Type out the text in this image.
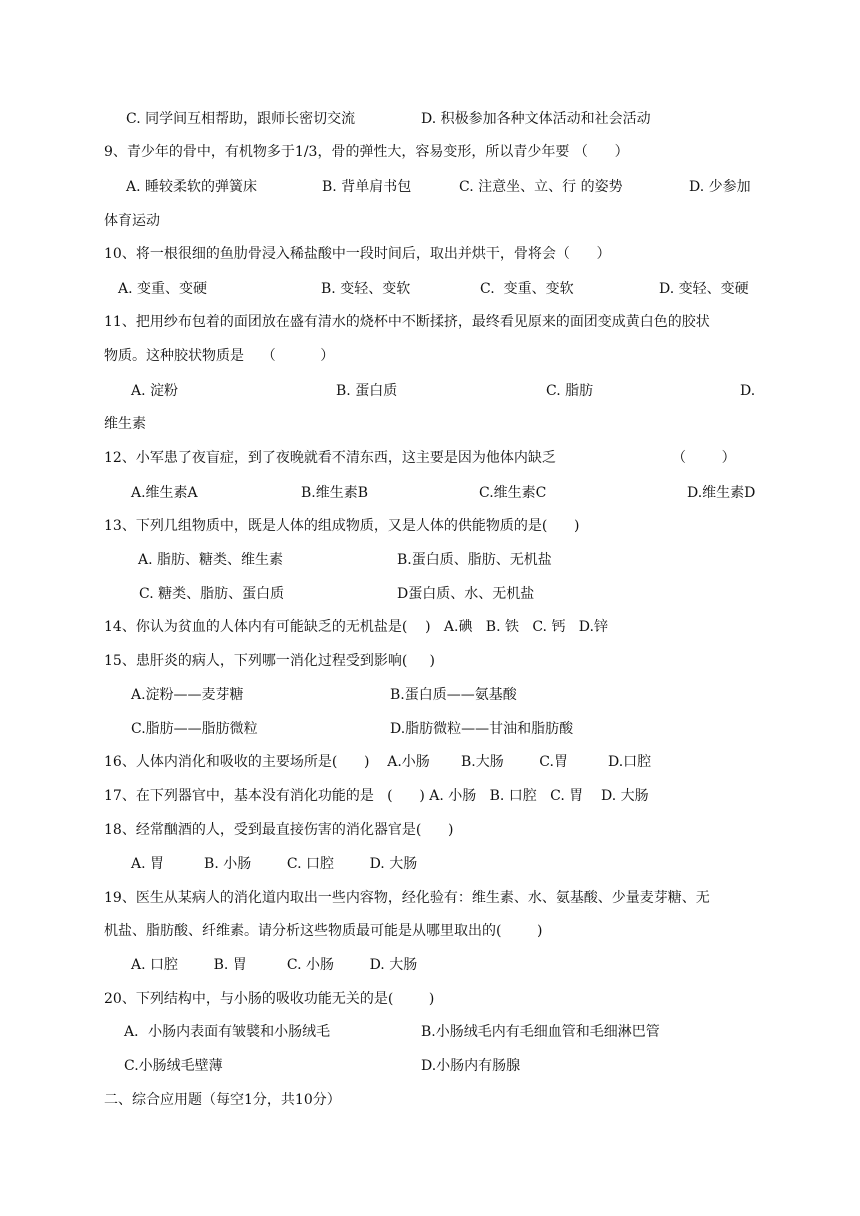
C. 同学间互相帮助，跟师长密切交流	D. 积极参加各种文体活动和社会活动
9、青少年的骨中，有机物多于1/3，骨的弹性大，容易变形，所以青少年要 （      ）
A. 睡较柔软的弹簧床	B. 背单肩书包	C. 注意坐、立、行 的姿势	D. 少参加
体育运动
10、将一根很细的鱼肋骨浸入稀盐酸中一段时间后，取出并烘干，骨将会（      ）
A. 变重、变硬	B. 变轻、变软	C.  变重、变软	D. 变轻、变硬
11、把用纱布包着的面团放在盛有清水的烧杯中不断揉挤，最终看见原来的面团变成黄白色的胶状
物质。这种胶状物质是    （          ）
A. 淀粉	B. 蛋白质	C. 脂肪	D.
维生素
12、小军患了夜盲症，到了夜晚就看不清东西，这主要是因为他体内缺乏	（        ）
A.维生素A	B.维生素B	C.维生素C	D.维生素D
13、下列几组物质中，既是人体的组成物质，又是人体的供能物质的是(      )
A. 脂肪、糖类、维生素	B.蛋白质、脂肪、无机盐
C. 糖类、脂肪、蛋白质	D蛋白质、水、无机盐
14、你认为贫血的人体内有可能缺乏的无机盐是(    )   A.碘   B. 铁   C. 钙   D.锌
15、患肝炎的病人，下列哪一消化过程受到影响(     )
A.淀粉——麦芽糖	B.蛋白质——氨基酸
C.脂肪——脂肪微粒	D.脂肪微粒——甘油和脂肪酸
16、人体内消化和吸收的主要场所是(      )    A.小肠       B.大肠        C.胃         D.口腔
17、在下列器官中，基本没有消化功能的是   (      ) A. 小肠   B. 口腔   C. 胃    D. 大肠
18、经常酗酒的人，受到最直接伤害的消化器官是(      )
A. 胃         B. 小肠        C. 口腔        D. 大肠
19、医生从某病人的消化道内取出一些内容物，经化验有：维生素、水、氨基酸、少量麦芽糖、无
机盐、脂肪酸、纤维素。请分析这些物质最可能是从哪里取出的(        )
A. 口腔        B. 胃         C. 小肠        D. 大肠
20、下列结构中，与小肠的吸收功能无关的是(        )
A．小肠内表面有皱襞和小肠绒毛	B.小肠绒毛内有毛细血管和毛细淋巴管
C.小肠绒毛壁薄	D.小肠内有肠腺
二、综合应用题（每空1分，共10分）
